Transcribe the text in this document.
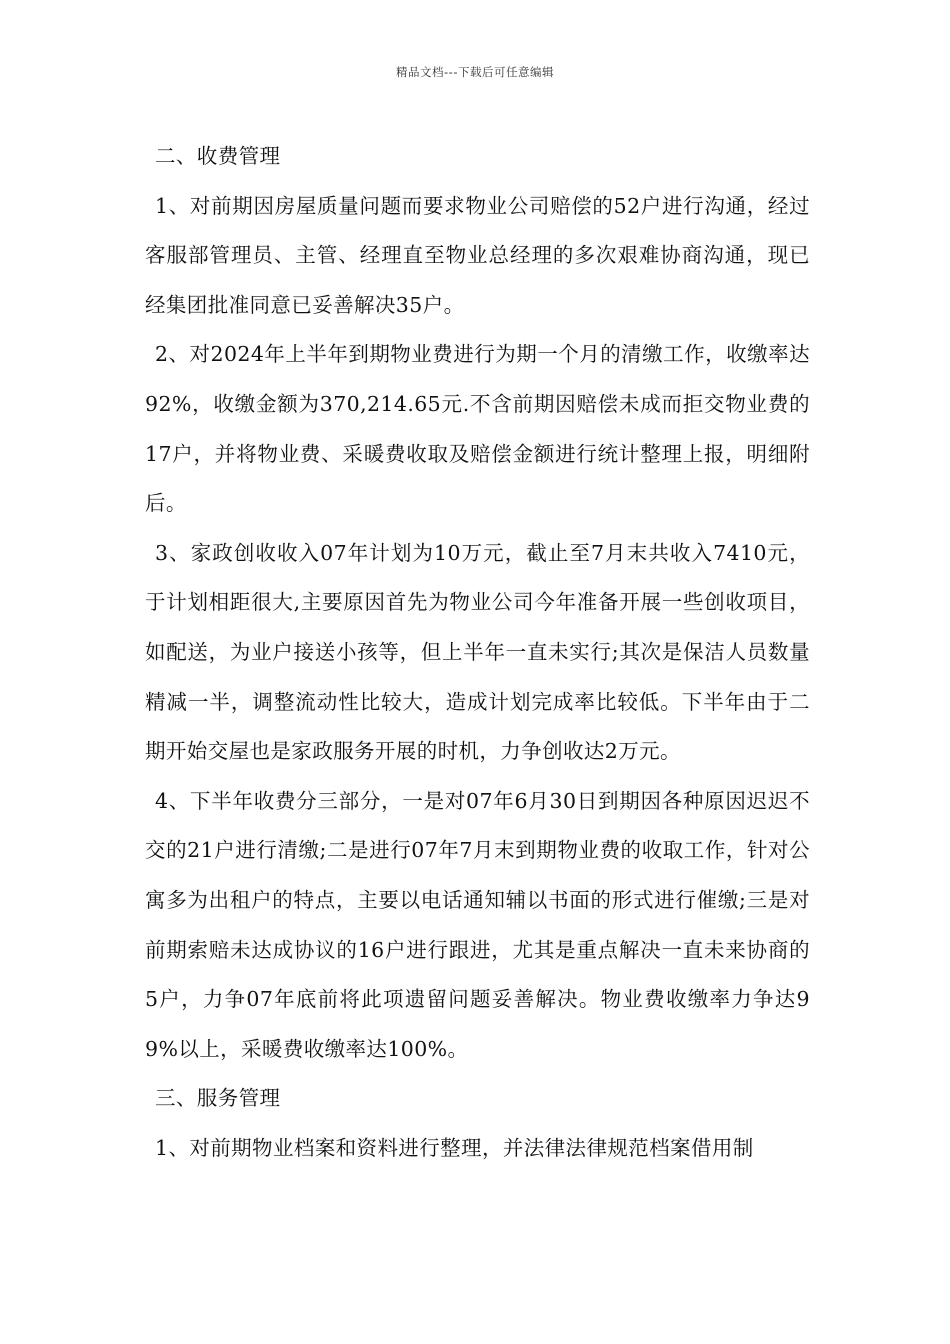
精品文档---下载后可任意编辑

二、收费管理

1、对前期因房屋质量问题而要求物业公司赔偿的52户进行沟通，经过客服部管理员、主管、经理直至物业总经理的多次艰难协商沟通，现已经集团批准同意已妥善解决35户。

2、对2024年上半年到期物业费进行为期一个月的清缴工作，收缴率达92%，收缴金额为370,214.65元.不含前期因赔偿未成而拒交物业费的17户，并将物业费、采暖费收取及赔偿金额进行统计整理上报，明细附后。

3、家政创收收入07年计划为10万元，截止至7月末共收入7410元，于计划相距很大,主要原因首先为物业公司今年准备开展一些创收项目，如配送，为业户接送小孩等，但上半年一直未实行;其次是保洁人员数量精减一半，调整流动性比较大，造成计划完成率比较低。下半年由于二期开始交屋也是家政服务开展的时机，力争创收达2万元。

4、下半年收费分三部分，一是对07年6月30日到期因各种原因迟迟不交的21户进行清缴;二是进行07年7月末到期物业费的收取工作，针对公寓多为出租户的特点，主要以电话通知辅以书面的形式进行催缴;三是对前期索赔未达成协议的16户进行跟进，尤其是重点解决一直未来协商的5户，力争07年底前将此项遗留问题妥善解决。物业费收缴率力争达99%以上，采暖费收缴率达100%。

三、服务管理

1、对前期物业档案和资料进行整理，并法律法律规范档案借用制
